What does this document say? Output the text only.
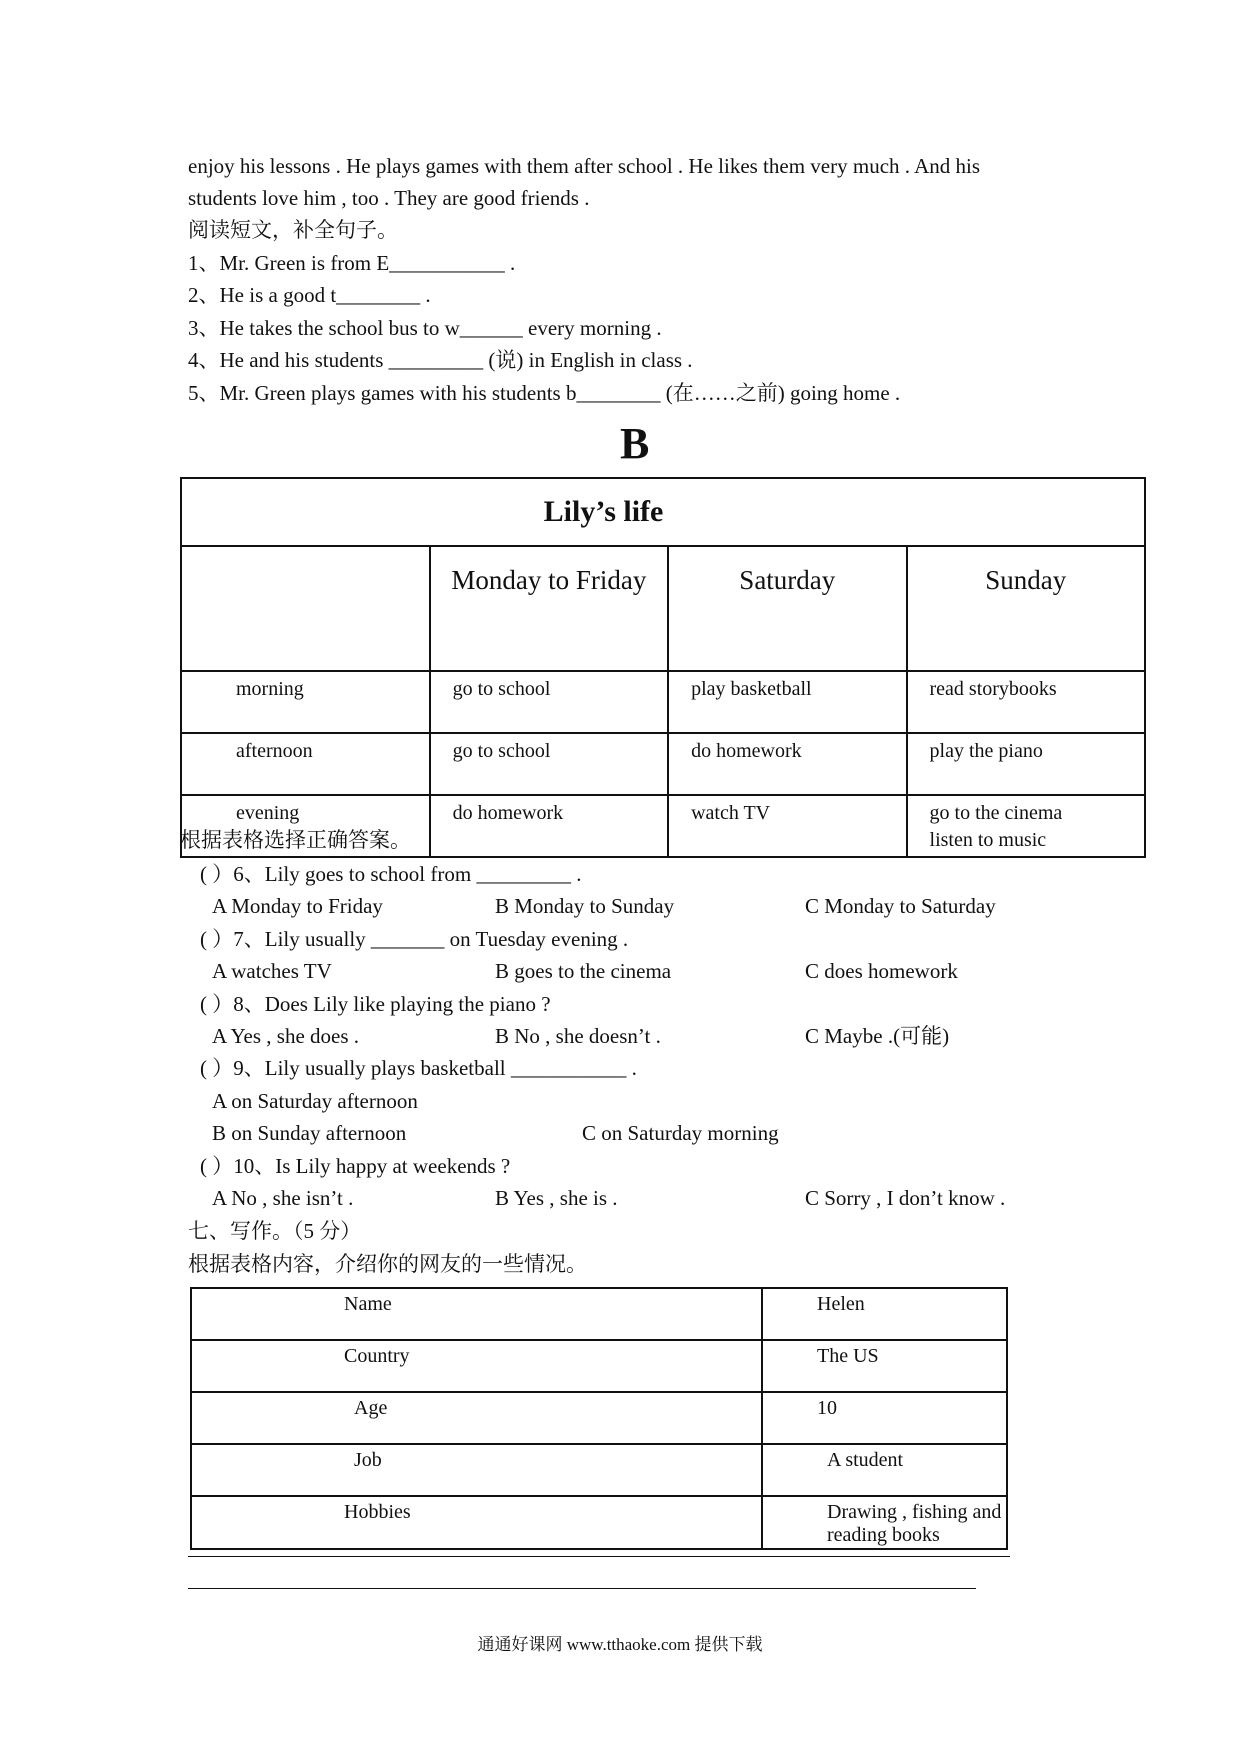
enjoy his lessons . He plays games with them after school . He likes them very much . And his
students love him , too . They are good friends .
阅读短文，补全句子。
1、Mr. Green is from E___________ .
2、He is a good t________ .
3、He takes the school bus to w______ every morning .
4、He and his students _________ (说) in English in class .
5、Mr. Green plays games with his students b________ (在……之前) going home .
B
Lily’s life			
	Monday to Friday	Saturday	Sunday
morning	go to school	play basketball	read storybooks
afternoon	go to school	do homework	play the piano
evening	do homework	watch TV	go to the cinema
listen to music
根据表格选择正确答案。
( ）6、Lily goes to school from _________ .
A Monday to Friday	B Monday to Sunday	C Monday to Saturday
( ）7、Lily usually _______ on Tuesday evening .
A watches TV	B goes to the cinema	C does homework
( ）8、Does Lily like playing the piano ?
A Yes , she does .	B No , she doesn’t .	C Maybe .(可能)
( ）9、Lily usually plays basketball ___________ .
A on Saturday afternoon
B on Sunday afternoon	C on Saturday morning
( ）10、Is Lily happy at weekends ?
A No , she isn’t .	B Yes , she is .	C Sorry , I don’t know .
七、写作。（5 分）
根据表格内容，介绍你的网友的一些情况。
Name	Helen
Country	The US
Age	10
Job	A student
Hobbies	Drawing , fishing and reading books
通通好课网 www.tthaoke.com 提供下载
